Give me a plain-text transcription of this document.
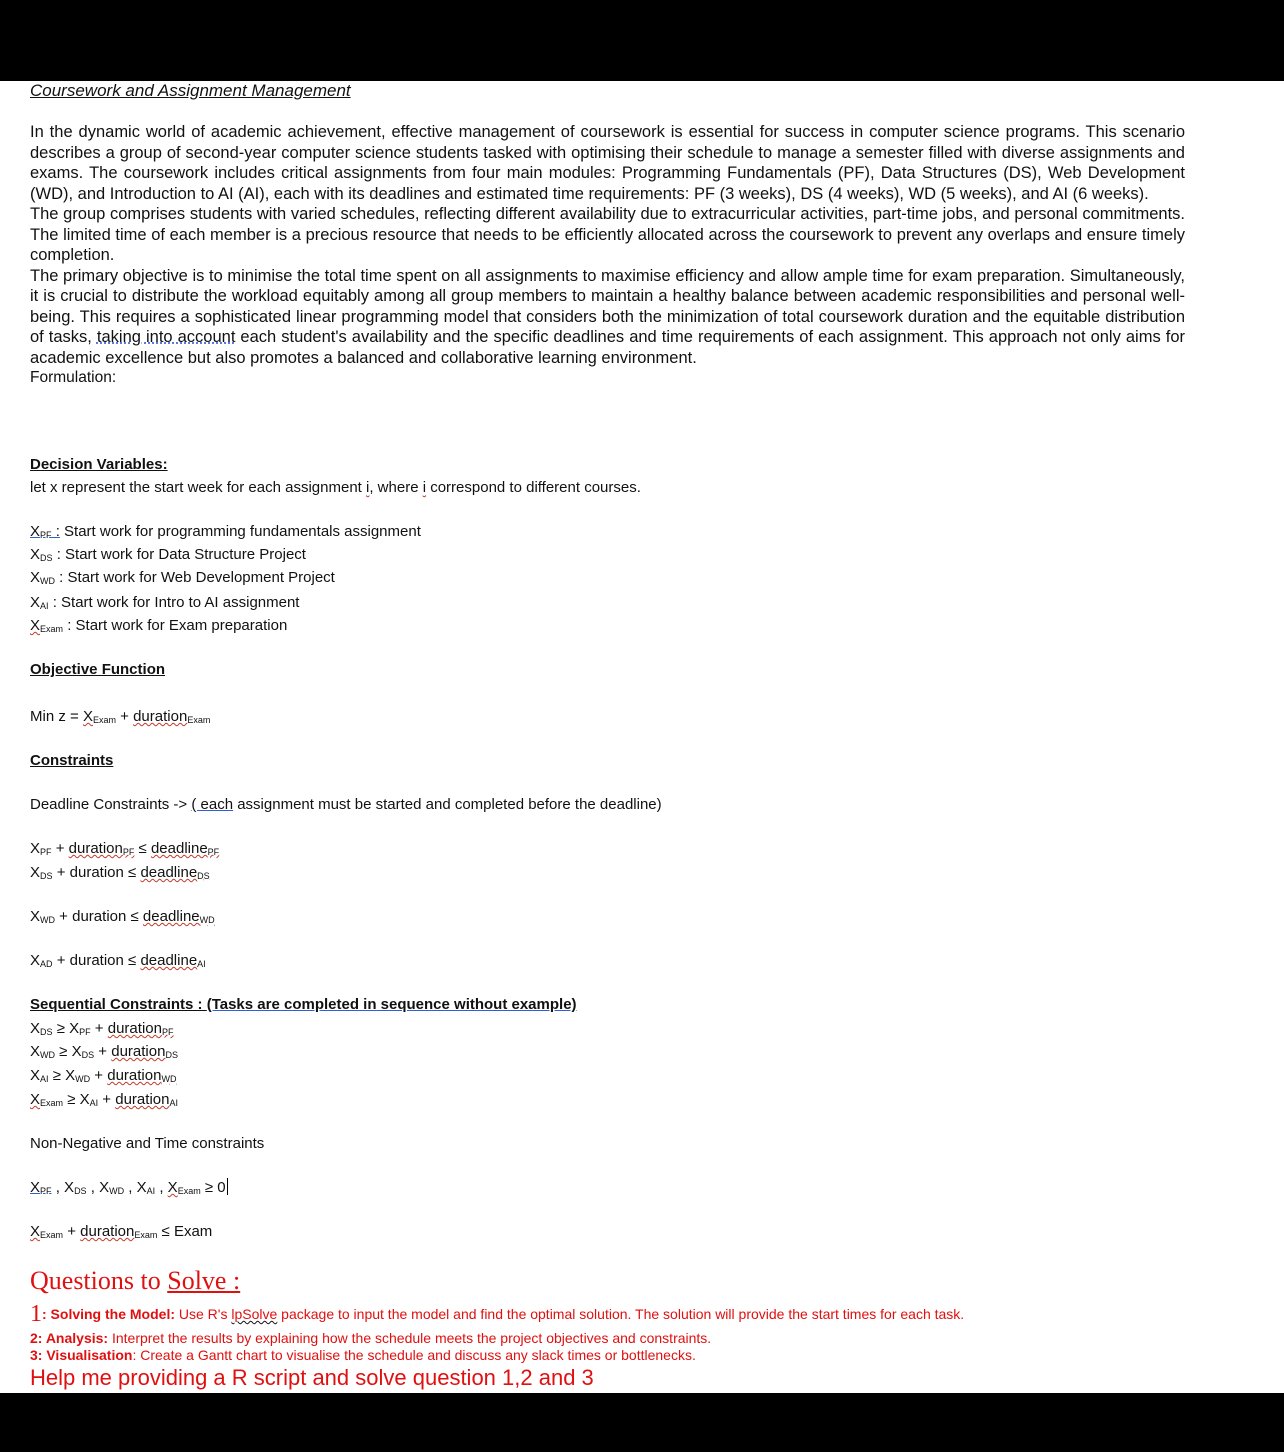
Coursework and Assignment Management

In the dynamic world of academic achievement, effective management of coursework is essential for success in computer science programs. This scenario describes a group of second-year computer science students tasked with optimising their schedule to manage a semester filled with diverse assignments and exams. The coursework includes critical assignments from four main modules: Programming Fundamentals (PF), Data Structures (DS), Web Development (WD), and Introduction to AI (AI), each with its deadlines and estimated time requirements: PF (3 weeks), DS (4 weeks), WD (5 weeks), and AI (6 weeks).

The group comprises students with varied schedules, reflecting different availability due to extracurricular activities, part-time jobs, and personal commitments. The limited time of each member is a precious resource that needs to be efficiently allocated across the coursework to prevent any overlaps and ensure timely completion.

The primary objective is to minimise the total time spent on all assignments to maximise efficiency and allow ample time for exam preparation. Simultaneously, it is crucial to distribute the workload equitably among all group members to maintain a healthy balance between academic responsibilities and personal well-being. This requires a sophisticated linear programming model that considers both the minimization of total coursework duration and the equitable distribution of tasks, taking into account each student's availability and the specific deadlines and time requirements of each assignment. This approach not only aims for academic excellence but also promotes a balanced and collaborative learning environment.

Formulation:

Decision Variables:
let x represent the start week for each assignment i, where i correspond to different courses.
$X_{PF}$ : Start work for programming fundamentals assignment
$X_{DS}$ : Start work for Data Structure Project
$X_{WD}$ : Start work for Web Development Project
$X_{AI}$ : Start work for Intro to AI assignment
$X_{Exam}$ : Start work for Exam preparation
Objective Function
Min $z = X_{Exam}$ + duration$_{Exam}$
Constraints
Deadline Constraints -> ( each assignment must be started and completed before the deadline)
$X_{PF}$ + duration$_{PF}$ ≤ deadline$_{PF}$
$X_{DS}$ + duration ≤ deadline$_{DS}$
$X_{WD}$ + duration ≤ deadline$_{WD}$
$X_{AD}$ + duration ≤ deadline$_{AI}$
Sequential Constraints : (Tasks are completed in sequence without example)
$X_{DS} \ge X_{PF}$ + duration$_{PF}$
$X_{WD} \ge X_{DS}$ + duration$_{DS}$
$X_{AI} \ge X_{WD}$ + duration$_{WD}$
$X_{Exam} \ge X_{AI}$ + duration$_{AI}$
Non-Negative and Time constraints
$X_{PF}$ , $X_{DS}$ , $X_{WD}$ , $X_{AI}$ , $X_{Exam} \ge 0$
$X_{Exam}$ + duration$_{Exam}$ ≤ Exam
Questions to Solve :
1: Solving the Model: Use R's lpSolve package to input the model and find the optimal solution. The solution will provide the start times for each task.
2: Analysis: Interpret the results by explaining how the schedule meets the project objectives and constraints.
3: Visualisation: Create a Gantt chart to visualise the schedule and discuss any slack times or bottlenecks.
Help me providing a R script and solve question 1,2 and 3
